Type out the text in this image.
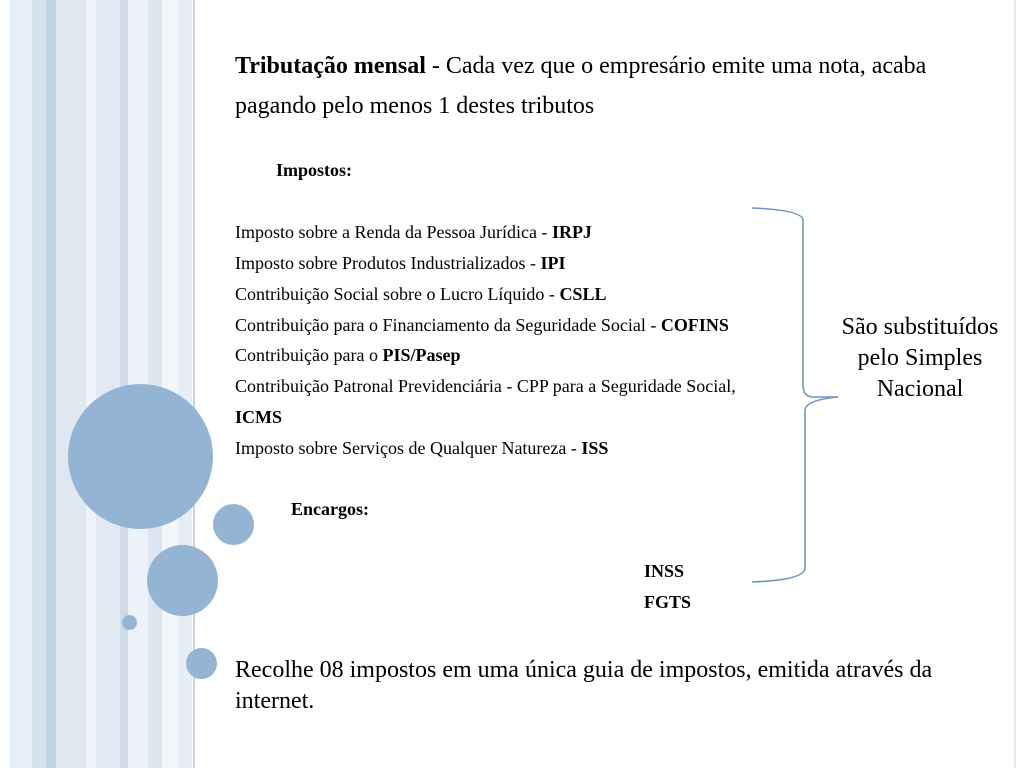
Tributação mensal - Cada vez que o empresário emite uma nota, acaba pagando pelo menos 1 destes tributos
Impostos:
Imposto sobre a Renda da Pessoa Jurídica - IRPJ
Imposto sobre Produtos Industrializados - IPI
Contribuição Social sobre o Lucro Líquido - CSLL
Contribuição para o Financiamento da Seguridade Social - COFINS
Contribuição para o PIS/Pasep
Contribuição Patronal Previdenciária - CPP para a Seguridade Social,
ICMS
Imposto sobre Serviços de Qualquer Natureza - ISS
Encargos:
INSS
FGTS
São substituídos pelo Simples Nacional
Recolhe 08 impostos em uma única guia de impostos, emitida através da internet.
